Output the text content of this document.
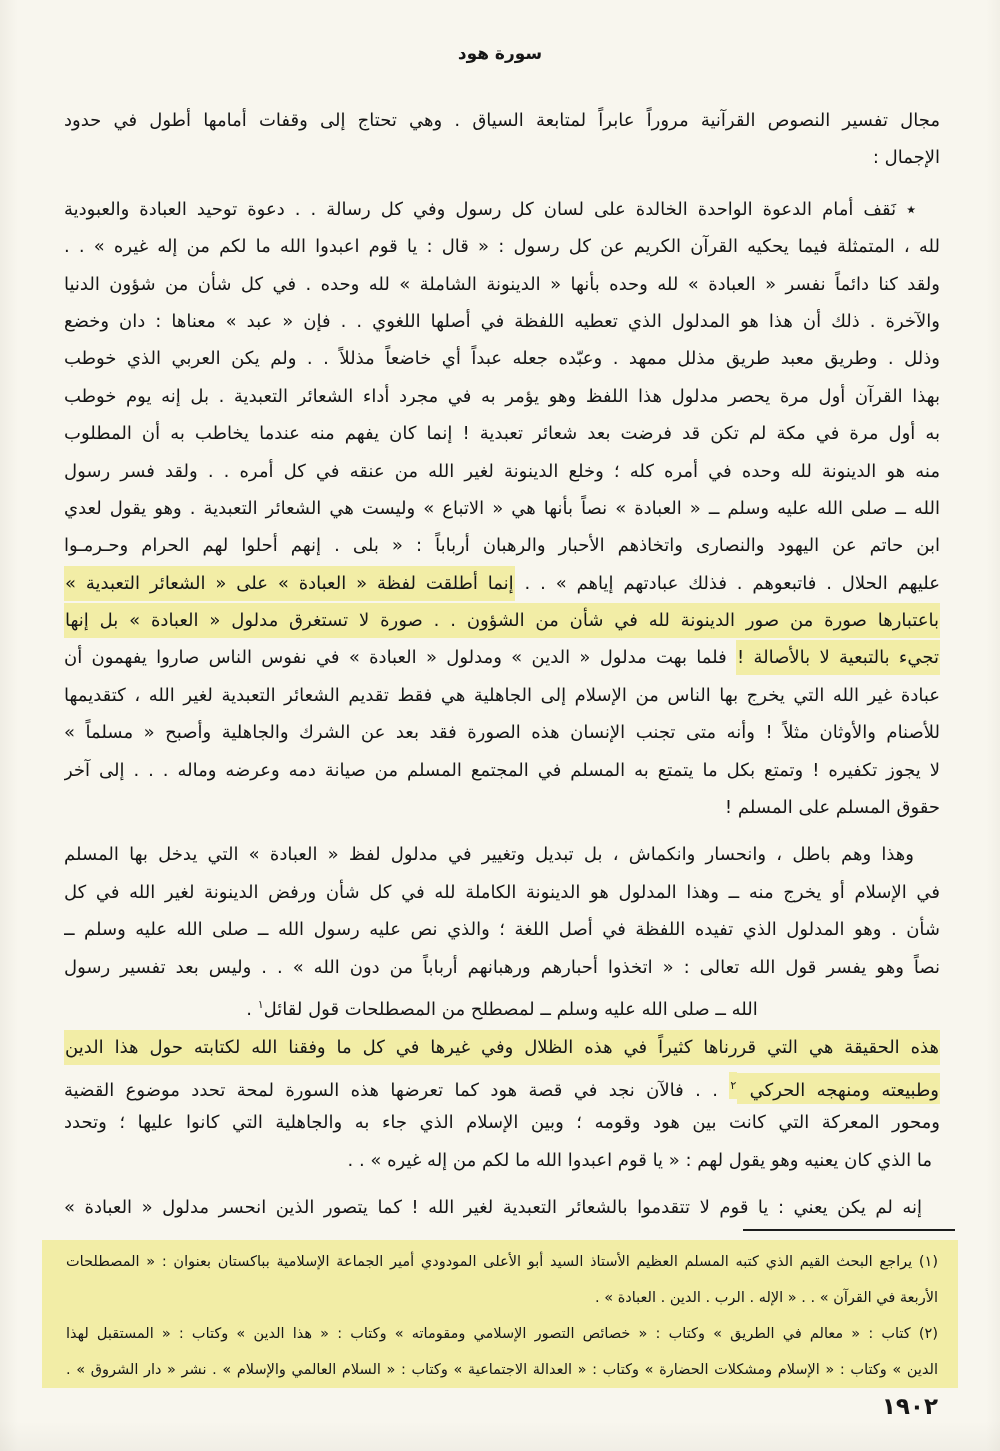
سورة هود
مجال تفسير النصوص القرآنية مروراً عابراً لمتابعة السياق . وهي تحتاج إلى وقفات أمامها أطول في حدود
الإجمال :
٭ نَقف أمام الدعوة الواحدة الخالدة على لسان كل رسول وفي كل رسالة . . دعوة توحيد العبادة والعبودية
لله ، المتمثلة فيما يحكيه القرآن الكريم عن كل رسول : « قال : يا قوم اعبدوا الله ما لكم من إله غيره » . .
ولقد كنا دائماً نفسر « العبادة » لله وحده بأنها « الدينونة الشاملة » لله وحده . في كل شأن من شؤون الدنيا
والآخرة . ذلك أن هذا هو المدلول الذي تعطيه اللفظة في أصلها اللغوي . . فإن « عبد » معناها : دان وخضع
وذلل . وطريق معبد طريق مذلل ممهد . وعبّده جعله عبداً أي خاضعاً مذللاً . . ولم يكن العربي الذي خوطب
بهذا القرآن أول مرة يحصر مدلول هذا اللفظ وهو يؤمر به في مجرد أداء الشعائر التعبدية . بل إنه يوم خوطب
به أول مرة في مكة لم تكن قد فرضت بعد شعائر تعبدية ! إنما كان يفهم منه عندما يخاطب به أن المطلوب
منه هو الدينونة لله وحده في أمره كله ؛ وخلع الدينونة لغير الله من عنقه في كل أمره . . ولقد فسر رسول
الله ــ صلى الله عليه وسلم ــ « العبادة » نصاً بأنها هي « الاتباع » وليست هي الشعائر التعبدية . وهو يقول لعدي
ابن حاتم عن اليهود والنصارى واتخاذهم الأحبار والرهبان أرباباً : « بلى . إنهم أحلوا لهم الحرام وحـرمـوا
عليهم الحلال . فاتبعوهم . فذلك عبادتهم إياهم » . . إنما أطلقت لفظة « العبادة » على « الشعائر التعبدية »
باعتبارها صورة من صور الدينونة لله في شأن من الشؤون . . صورة لا تستغرق مدلول « العبادة » بل إنها
تجيء بالتبعية لا بالأصالة ! فلما بهت مدلول « الدين » ومدلول « العبادة » في نفوس الناس صاروا يفهمون أن
عبادة غير الله التي يخرج بها الناس من الإسلام إلى الجاهلية هي فقط تقديم الشعائر التعبدية لغير الله ، كتقديمها
للأصنام والأوثان مثلاً ! وأنه متى تجنب الإنسان هذه الصورة فقد بعد عن الشرك والجاهلية وأصبح « مسلماً »
لا يجوز تكفيره ! وتمتع بكل ما يتمتع به المسلم في المجتمع المسلم من صيانة دمه وعرضه وماله . . . إلى آخر
حقوق المسلم على المسلم !
وهذا وهم باطل ، وانحسار وانكماش ، بل تبديل وتغيير في مدلول لفظ « العبادة » التي يدخل بها المسلم
في الإسلام أو يخرج منه ــ وهذا المدلول هو الدينونة الكاملة لله في كل شأن ورفض الدينونة لغير الله في كل
شأن . وهو المدلول الذي تفيده اللفظة في أصل اللغة ؛ والذي نص عليه رسول الله ــ صلى الله عليه وسلم ــ
نصاً وهو يفسر قول الله تعالى : « اتخذوا أحبارهم ورهبانهم أرباباً من دون الله » . . وليس بعد تفسير رسول
الله ــ صلى الله عليه وسلم ــ لمصطلح من المصطلحات قول لقائل$^١$ .
هذه الحقيقة هي التي قررناها كثيراً في هذه الظلال وفي غيرها في كل ما وفقنا الله لكتابته حول هذا الدين
وطبيعته ومنهجه الحركي $^٢$ . . فالآن نجد في قصة هود كما تعرضها هذه السورة لمحة تحدد موضوع القضية
ومحور المعركة التي كانت بين هود وقومه ؛ وبين الإسلام الذي جاء به والجاهلية التي كانوا عليها ؛ وتحدد
ما الذي كان يعنيه وهو يقول لهم : « يا قوم اعبدوا الله ما لكم من إله غيره » . .
إنه لم يكن يعني : يا قوم لا تتقدموا بالشعائر التعبدية لغير الله ! كما يتصور الذين انحسر مدلول « العبادة »
(١) يراجع البحث القيم الذي كتبه المسلم العظيم الأستاذ السيد أبو الأعلى المودودي أمير الجماعة الإسلامية بباكستان بعنوان : « المصطلحات
الأربعة في القرآن » . . « الإله . الرب . الدين . العبادة » .
(٢) كتاب : « معالم في الطريق » وكتاب : « خصائص التصور الإسلامي ومقوماته » وكتاب : « هذا الدين » وكتاب : « المستقبل لهذا
الدين » وكتاب : « الإسلام ومشكلات الحضارة » وكتاب : « العدالة الاجتماعية » وكتاب : « السلام العالمي والإسلام » . نشر « دار الشروق » .
١٩٠٢
